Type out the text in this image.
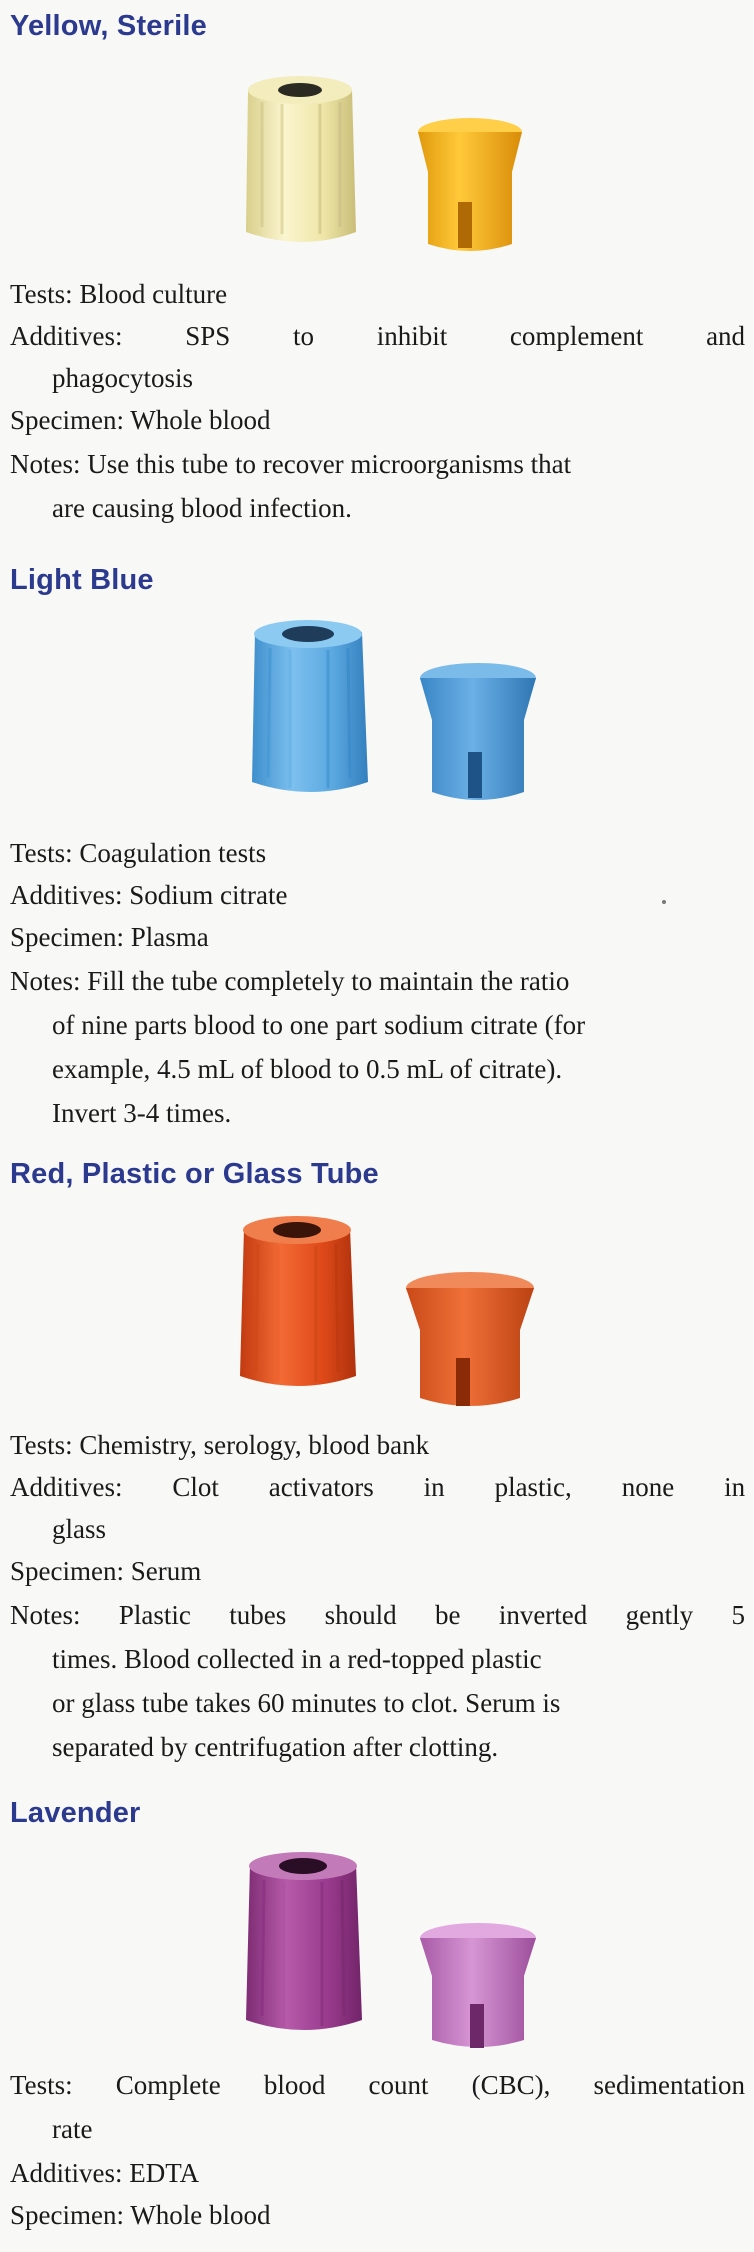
Yellow, Sterile
Tests: Blood culture
Additives: SPS to inhibit complement and
phagocytosis
Specimen: Whole blood
Notes: Use this tube to recover microorganisms that
are causing blood infection.
Light Blue
Tests: Coagulation tests
Additives: Sodium citrate
Specimen: Plasma
Notes: Fill the tube completely to maintain the ratio
of nine parts blood to one part sodium citrate (for
example, 4.5 mL of blood to 0.5 mL of citrate).
Invert 3-4 times.
Red, Plastic or Glass Tube
Tests: Chemistry, serology, blood bank
Additives: Clot activators in plastic, none in
glass
Specimen: Serum
Notes: Plastic tubes should be inverted gently 5
times. Blood collected in a red-topped plastic
or glass tube takes 60 minutes to clot. Serum is
separated by centrifugation after clotting.
Lavender
Tests: Complete blood count (CBC), sedimentation
rate
Additives: EDTA
Specimen: Whole blood
